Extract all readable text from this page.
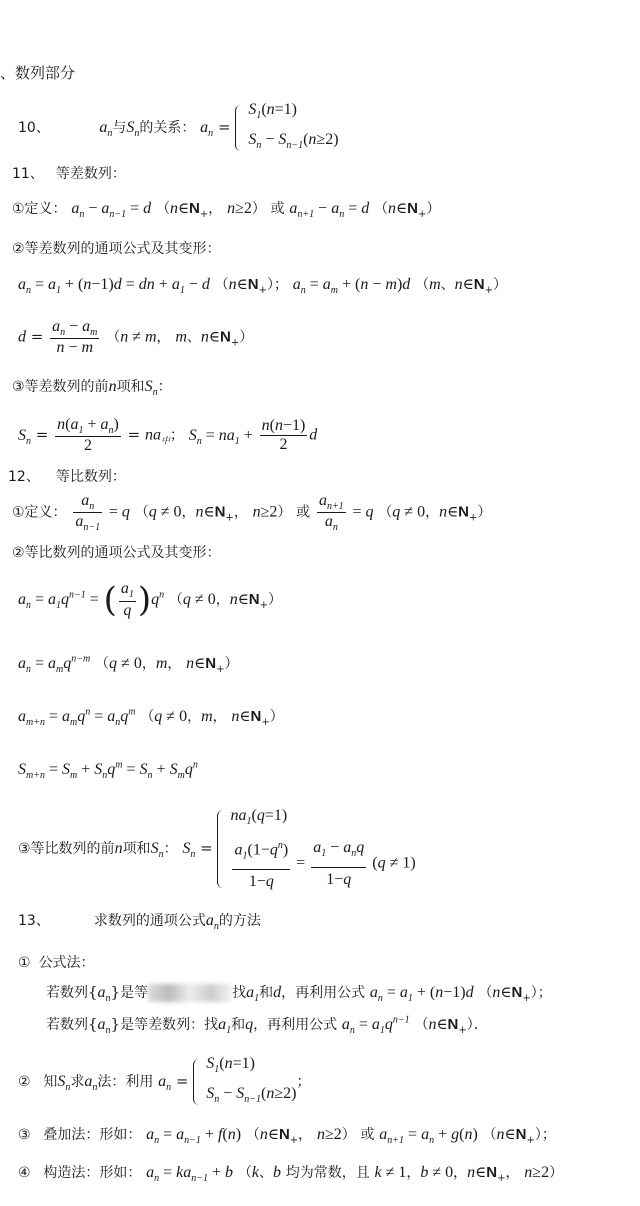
、数列部分
10、	$a_n$与$S_n$的关系： $a_n$ =
$S_1(n=1)$
$S_n - S_{n-1}(n\ge 2)$
11、 等差数列：
①定义： $a_n - a_{n-1} = d$ （$n\in N_+$， n≥2） 或 $a_{n+1} - a_n = d$ $(n\in N_+)$
②等差数列的通项公式及其变形：
$a_n = a_1 + (n-1)d$ = dn + $a_1 - d$ $(n\in N_+)$； $a_n = a_m + (n - m)d$ （m、$n\in N_+$）
$d = \frac{a_n - a_m}{n - m} (n \ne m$， m、$n\in N_+$）
③等差数列的前n项和$S_n$：
$S_n = \frac{n(a_1 + a_n)}{2} = na_中$； $S_n = na_1 + \frac{n(n-1)}{2}$ d
12、 等比数列：
①定义： $\frac{a_n}{a_{n-1}} = q$ （q ≠ 0，$n\in N_+$， n≥2） 或 $\frac{a_{n+1}}{a_n} = q$ （q ≠ 0，$n\in N_+$）
②等比数列的通项公式及其变形：
$a_n = a_1q^{n-1}$ = ( $\frac{a_1}{q} )q^n$ （q ≠ 0，$n\in N_+$）
$a_n = a_mq^{n-m}$ （q ≠ 0，m， $n\in N_+$）
$a_{m+n} = a_mq^n = a_nq^m$ （q ≠ 0，m， $n\in N_+$）
$S_{m+n} = S_m + S_nq^m = S_n + S_mq^n$
③等比数列的前n项和$S_n$： $S_n$ =
$na_1(q=1)$
$\frac{a_1(1-q^n)}{1-q} = \frac{a_1 - a_nq}{1-q} (q \ne 1)$
13、	求数列的通项公式$a_n$的方法
① 公式法：
若数列$\{a_n\}$是等	找$a_1$和d，再利用公式 $a_n = a_1 + (n-1)d$ $(n\in N_+)$；
若数列$\{a_n\}$是等差数列：找$a_1$和q，再利用公式 $a_n = a_1q^{n-1}$ $(n\in N_+)$．
② 知$S_n$求$a_n$法：利用 $a_n$ =
$S_1(n=1)$
$S_n - S_{n-1}(n\ge 2)$
；
③ 叠加法：形如： $a_n = a_{n-1} + f(n)$ （$n\in N_+$， n≥2） 或 $a_{n+1} = a_n + g(n)$ $(n\in N_+)$；
④ 构造法：形如： $a_n = ka_{n-1} + b$ （k、b 均为常数，且 k ≠ 1，b ≠ 0，$n\in N_+$， n≥2）
